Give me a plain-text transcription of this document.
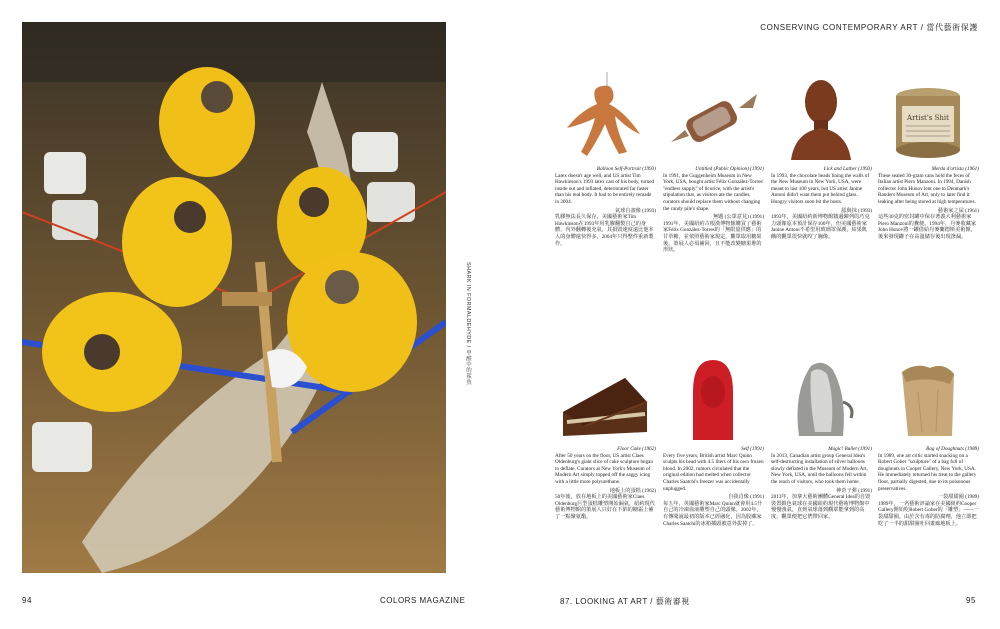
SHARK IN FORMALDEHYDE / 甲醛中的鯊魚
CONSERVING CONTEMPORARY ART / 當代藝術保護
Balloon Self-Portrait (1993)
Latex doesn't age well, and US artist Tim Hawkinson's 1993 latex cast of his body, turned inside out and inflated, deteriorated far faster than his real body. It had to be entirely remade in 2004.
氣球自畫像 (1993)
乳膠無法長久保存，美國藝術家Tim Hawkinson在1993年用乳膠翻製自己的身體，內外翻轉後充氣，其損毀速度遠比他本人的身體還快得多，2004年只得整件重新製作。
Untitled (Public Opinion) (1991)
In 1991, the Guggenheim Museum in New York, USA, bought artist Félix González-Torres' "endless supply" of licorice, with the artist's stipulation that, as visitors ate the candies, curators should replace them without changing the candy pile's shape.
無題 (公眾意見) (1991)
1991年，美國紐約古根漢博物館購買了藝術家Félix González-Torres的「無限量供應」的甘草糖，並依照藝術家規定，觀眾取用糖果後，策展人必須補回，且不能改變糖果堆的形狀。
Lick and Lather (1993)
In 1993, the chocolate heads lining the walls of the New Museum in New York, USA, were meant to last 100 years, but US artist Janine Antoni didn't want them put behind glass. Hungry visitors soon bit the busts.
舔與抹 (1993)
1993年，美國紐約新博物館牆邊陳列的巧克力頭像原本預計保存100年，但美國藝術家Janine Antoni不希望用玻璃罩保護，結果飢餓的觀眾很快就咬了胸像。
Artist's Shit
Merda d'artista (1961)
These sealed 30-gram cans hold the feces of Italian artist Piero Manzoni. In 1994, Danish collector John Hunov lent one to Denmark's Randers Museum of Art, only to later find it leaking after being stored at high temperatures.
藝術家之屎 (1961)
這些30克的密封罐中保存著義大利藝術家Piero Manzoni的糞便。1994年，丹麥收藏家John Hunov將一罐借給丹麥蘭德斯美術館，後來發現罐子在高溫儲存後出現滲漏。
Floor Cake (1962)
After 50 years on the floor, US artist Claes Oldenburg's giant slice of cake sculpture began to deflate. Curators at New York's Museum of Modern Art simply topped off the saggy icing with a little more polyurethane.
地板上的蛋糕 (1962)
50年後，放在地板上的美國藝術家Claes Oldenburg巨型蛋糕雕塑開始漏氣，紐約現代藝術博物館的策展人只好在下陷的糖霜上補了一點聚氨酯。
Self (1991)
Every five years, British artist Marc Quinn sculpts his head with 4.5 liters of his own frozen blood. In 2002, rumors circulated that the original edition had melted when collector Charles Saatchi's freezer was accidentally unplugged.
自我肖像 (1991)
每五年，英國藝術家Marc Quinn就會用4.5升自己的冷凍血液雕塑自己的頭像。2002年，有傳聞說最初的版本已經融化，因為收藏家Charles Saatchi的冰箱插頭被意外拔掉了。
Magic! Bullet (1991)
In 2013, Canadian artist group General Idea's self-destructing installation of silver balloons slowly deflated in the Museum of Modern Art, New York, USA, until the balloons fell within the reach of visitors, who took them home.
神奇子彈 (1991)
2013年，加拿大藝術團體General Idea的自毀裝置銀色氣球在美國紐約現代藝術博物館中慢慢洩氣，直到氣球落到觀眾能拿到的高度，觀眾便把它們帶回家。
Bag of Doughnuts (1989)
In 1989, one art critic started snacking on a Robert Gober "sculpture" of a bag full of doughnuts in Cooper Gallery, New York, USA. He immediately returned his treat to the gallery floor, partially digested, due to its poisonous preservatives.
一袋甜甜圈 (1989)
1989年，一名藝術評論家在美國紐約Cooper Gallery開始吃Robert Gober的「雕塑」——一袋甜甜圈。由於含有毒的防腐劑，他立即把吃了一半的甜甜圈吐回畫廊地板上。
94	COLORS MAGAZINE	87. LOOKING AT ART / 藝術審視	95
